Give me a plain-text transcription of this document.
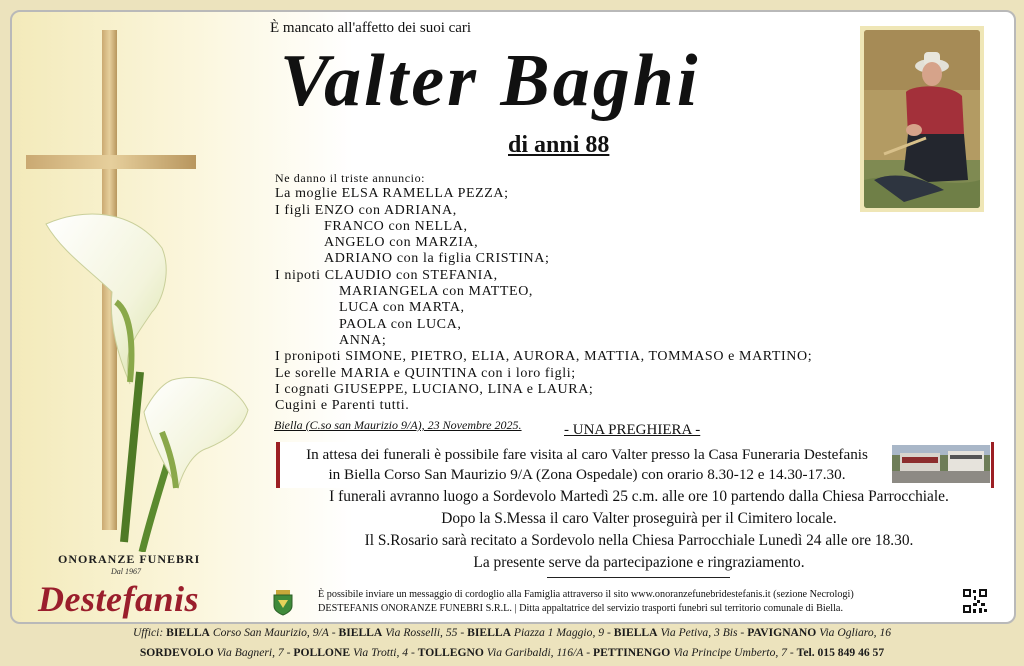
È mancato all'affetto dei suoi cari
Valter Baghi
di anni 88
Ne danno il triste annuncio:
La moglie ELSA RAMELLA PEZZA;
I figli ENZO con ADRIANA,
FRANCO con NELLA,
ANGELO con MARZIA,
ADRIANO con la figlia CRISTINA;
I nipoti CLAUDIO con STEFANIA,
MARIANGELA con MATTEO,
LUCA con MARTA,
PAOLA con LUCA,
ANNA;
I pronipoti SIMONE, PIETRO, ELIA, AURORA, MATTIA, TOMMASO e MARTINO;
Le sorelle MARIA e QUINTINA con i loro figli;
I cognati GIUSEPPE, LUCIANO, LINA e LAURA;
Cugini e Parenti tutti.
Biella (C.so san Maurizio 9/A), 23 Novembre 2025.	- UNA PREGHIERA -
In attesa dei funerali è possibile fare visita al caro Valter presso la Casa Funeraria Destefanis
in Biella Corso San Maurizio 9/A (Zona Ospedale) con orario 8.30-12 e 14.30-17.30.
I funerali avranno luogo a Sordevolo Martedì 25 c.m. alle ore 10 partendo dalla Chiesa Parrocchiale.
Dopo la S.Messa il caro Valter proseguirà per il Cimitero locale.
Il S.Rosario sarà recitato a Sordevolo nella Chiesa Parrocchiale Lunedì 24 alle ore 18.30.
La presente serve da partecipazione e ringraziamento.
È possibile inviare un messaggio di cordoglio alla Famiglia attraverso il sito www.onoranzefunebridestefanis.it (sezione Necrologi)
DESTEFANIS ONORANZE FUNEBRI S.R.L. | Ditta appaltatrice del servizio trasporti funebri sul territorio comunale di Biella.
ONORANZE FUNEBRI
Dal 1967
Destefanis
Uffici: BIELLA Corso San Maurizio, 9/A - BIELLA Via Rosselli, 55 - BIELLA Piazza 1 Maggio, 9 - BIELLA Via Petiva, 3 Bis - PAVIGNANO Via Ogliaro, 16
SORDEVOLO Via Bagneri, 7 - POLLONE Via Trotti, 4 - TOLLEGNO Via Garibaldi, 116/A - PETTINENGO Via Principe Umberto, 7 - Tel. 015 849 46 57
